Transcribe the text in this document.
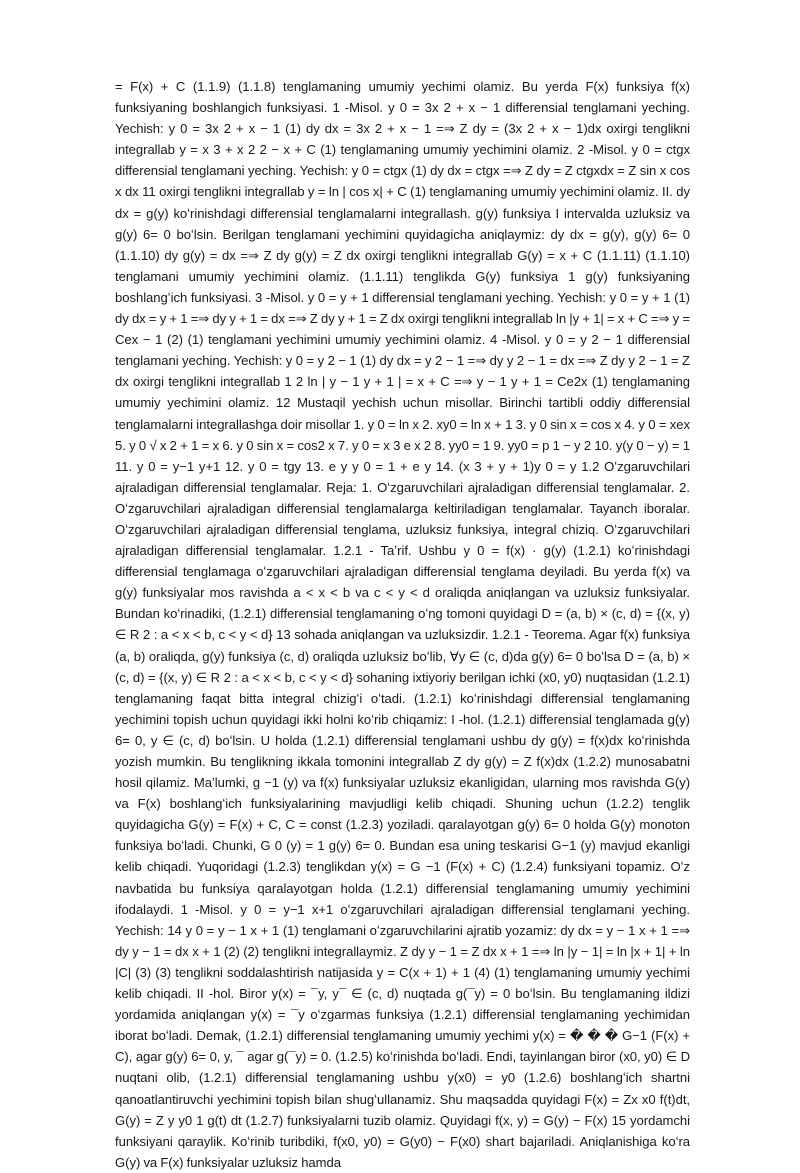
= F(x) + C (1.1.9) (1.1.8) tenglamaning umumiy yechimi olamiz. Bu yerda F(x) funksiya f(x) funksiyaning boshlangich funksiyasi. 1 -Misol. y 0 = 3x 2 + x − 1 differensial tenglamani yeching. Yechish: y 0 = 3x 2 + x − 1 (1) dy dx = 3x 2 + x − 1 =⇒ Z dy = (3x 2 + x − 1)dx oxirgi tenglikni integrallab y = x 3 + x 2 2 − x + C (1) tenglamaning umumiy yechimini olamiz. 2 -Misol. y 0 = ctgx differensial tenglamani yeching. Yechish: y 0 = ctgx (1) dy dx = ctgx =⇒ Z dy = Z ctgxdx = Z sin x cos x dx 11 oxirgi tenglikni integrallab y = ln | cos x| + C (1) tenglamaning umumiy yechimini olamiz. II. dy dx = g(y) koʻrinishdagi differensial tenglamalarni integrallash. g(y) funksiya I intervalda uzluksiz va g(y) 6= 0 boʻlsin. Berilgan tenglamani yechimini quyidagicha aniqlaymiz: dy dx = g(y), g(y) 6= 0 (1.1.10) dy g(y) = dx =⇒ Z dy g(y) = Z dx oxirgi tenglikni integrallab G(y) = x + C (1.1.11) (1.1.10) tenglamani umumiy yechimini olamiz. (1.1.11) tenglikda G(y) funksiya 1 g(y) funksiyaning boshlangʻich funksiyasi. 3 -Misol. y 0 = y + 1 differensial tenglamani yeching. Yechish: y 0 = y + 1 (1) dy dx = y + 1 =⇒ dy y + 1 = dx =⇒ Z dy y + 1 = Z dx oxirgi tenglikni integrallab ln |y + 1| = x + C =⇒ y = Cex − 1 (2) (1) tenglamani yechimini umumiy yechimini olamiz. 4 -Misol. y 0 = y 2 − 1 differensial tenglamani yeching. Yechish: y 0 = y 2 − 1 (1) dy dx = y 2 − 1 =⇒ dy y 2 − 1 = dx =⇒ Z dy y 2 − 1 = Z dx oxirgi tenglikni integrallab 1 2 ln | y − 1 y + 1 | = x + C =⇒ y − 1 y + 1 = Ce2x (1) tenglamaning umumiy yechimini olamiz. 12 Mustaqil yechish uchun misollar. Birinchi tartibli oddiy differensial tenglamalarni integrallashga doir misollar 1. y 0 = ln x 2. xy0 = ln x + 1 3. y 0 sin x = cos x 4. y 0 = xex 5. y 0 √ x 2 + 1 = x 6. y 0 sin x = cos2 x 7. y 0 = x 3 e x 2 8. yy0 = 1 9. yy0 = p 1 − y 2 10. y(y 0 − y) = 1 11. y 0 = y−1 y+1 12. y 0 = tgy 13. e y y 0 = 1 + e y 14. (x 3 + y + 1)y 0 = y 1.2 Oʻzgaruvchilari ajraladigan differensial tenglamalar. Reja: 1. Oʻzgaruvchilari ajraladigan differensial tenglamalar. 2. Oʻzgaruvchilari ajraladigan differensial tenglamalarga keltiriladigan tenglamalar. Tayanch iboralar. Oʻzgaruvchilari ajraladigan differensial tenglama, uzluksiz funksiya, integral chiziq. Oʻzgaruvchilari ajraladigan differensial tenglamalar. 1.2.1 - Taʼrif. Ushbu y 0 = f(x) · g(y) (1.2.1) koʻrinishdagi differensial tenglamaga oʻzgaruvchilari ajraladigan differensial tenglama deyiladi. Bu yerda f(x) va g(y) funksiyalar mos ravishda a < x < b va c < y < d oraliqda aniqlangan va uzluksiz funksiyalar. Bundan koʻrinadiki, (1.2.1) differensial tenglamaning oʻng tomoni quyidagi D = (a, b) × (c, d) = {(x, y) ∈ R 2 : a < x < b, c < y < d} 13 sohada aniqlangan va uzluksizdir. 1.2.1 - Teorema. Agar f(x) funksiya (a, b) oraliqda, g(y) funksiya (c, d) oraliqda uzluksiz boʻlib, ∀y ∈ (c, d)da g(y) 6= 0 boʻlsa D = (a, b) × (c, d) = {(x, y) ∈ R 2 : a < x < b, c < y < d} sohaning ixtiyoriy berilgan ichki (x0, y0) nuqtasidan (1.2.1) tenglamaning faqat bitta integral chizigʻi oʻtadi. (1.2.1) koʻrinishdagi differensial tenglamaning yechimini topish uchun quyidagi ikki holni koʻrib chiqamiz: I -hol. (1.2.1) differensial tenglamada g(y) 6= 0, y ∈ (c, d) boʻlsin. U holda (1.2.1) differensial tenglamani ushbu dy g(y) = f(x)dx koʻrinishda yozish mumkin. Bu tenglikning ikkala tomonini integrallab Z dy g(y) = Z f(x)dx (1.2.2) munosabatni hosil qilamiz. Maʼlumki, g −1 (y) va f(x) funksiyalar uzluksiz ekanligidan, ularning mos ravishda G(y) va F(x) boshlangʻich funksiyalarining mavjudligi kelib chiqadi. Shuning uchun (1.2.2) tenglik quyidagicha G(y) = F(x) + C, C = const (1.2.3) yoziladi. qaralayotgan g(y) 6= 0 holda G(y) monoton funksiya boʻladi. Chunki, G 0 (y) = 1 g(y) 6= 0. Bundan esa uning teskarisi G−1 (y) mavjud ekanligi kelib chiqadi. Yuqoridagi (1.2.3) tenglikdan y(x) = G −1 (F(x) + C) (1.2.4) funksiyani topamiz. Oʻz navbatida bu funksiya qaralayotgan holda (1.2.1) differensial tenglamaning umumiy yechimini ifodalaydi. 1 -Misol. y 0 = y−1 x+1 oʻzgaruvchilari ajraladigan differensial tenglamani yeching. Yechish: 14 y 0 = y − 1 x + 1 (1) tenglamani oʻzgaruvchilarini ajratib yozamiz: dy dx = y − 1 x + 1 =⇒ dy y − 1 = dx x + 1 (2) (2) tenglikni integrallaymiz. Z dy y − 1 = Z dx x + 1 =⇒ ln |y − 1| = ln |x + 1| + ln |C| (3) (3) tenglikni soddalashtirish natijasida y = C(x + 1) + 1 (4) (1) tenglamaning umumiy yechimi kelib chiqadi. II -hol. Biror y(x) = ¯y, y¯ ∈ (c, d) nuqtada g(¯y) = 0 boʻlsin. Bu tenglamaning ildizi yordamida aniqlangan y(x) = ¯y oʻzgarmas funksiya (1.2.1) differensial tenglamaning yechimidan iborat boʻladi. Demak, (1.2.1) differensial tenglamaning umumiy yechimi y(x) = � � � G−1 (F(x) + C), agar g(y) 6= 0, y, ¯ agar g(¯y) = 0. (1.2.5) koʻrinishda boʻladi. Endi, tayinlangan biror (x0, y0) ∈ D nuqtani olib, (1.2.1) differensial tenglamaning ushbu y(x0) = y0 (1.2.6) boshlangʻich shartni qanoatlantiruvchi yechimini topish bilan shugʻullanamiz. Shu maqsadda quyidagi F(x) = Zx x0 f(t)dt, G(y) = Z y y0 1 g(t) dt (1.2.7) funksiyalarni tuzib olamiz. Quyidagi f(x, y) = G(y) − F(x) 15 yordamchi funksiyani qaraylik. Koʻrinib turibdiki, f(x0, y0) = G(y0) − F(x0) shart bajariladi. Aniqlanishiga koʻra G(y) va F(x) funksiyalar uzluksiz hamda
